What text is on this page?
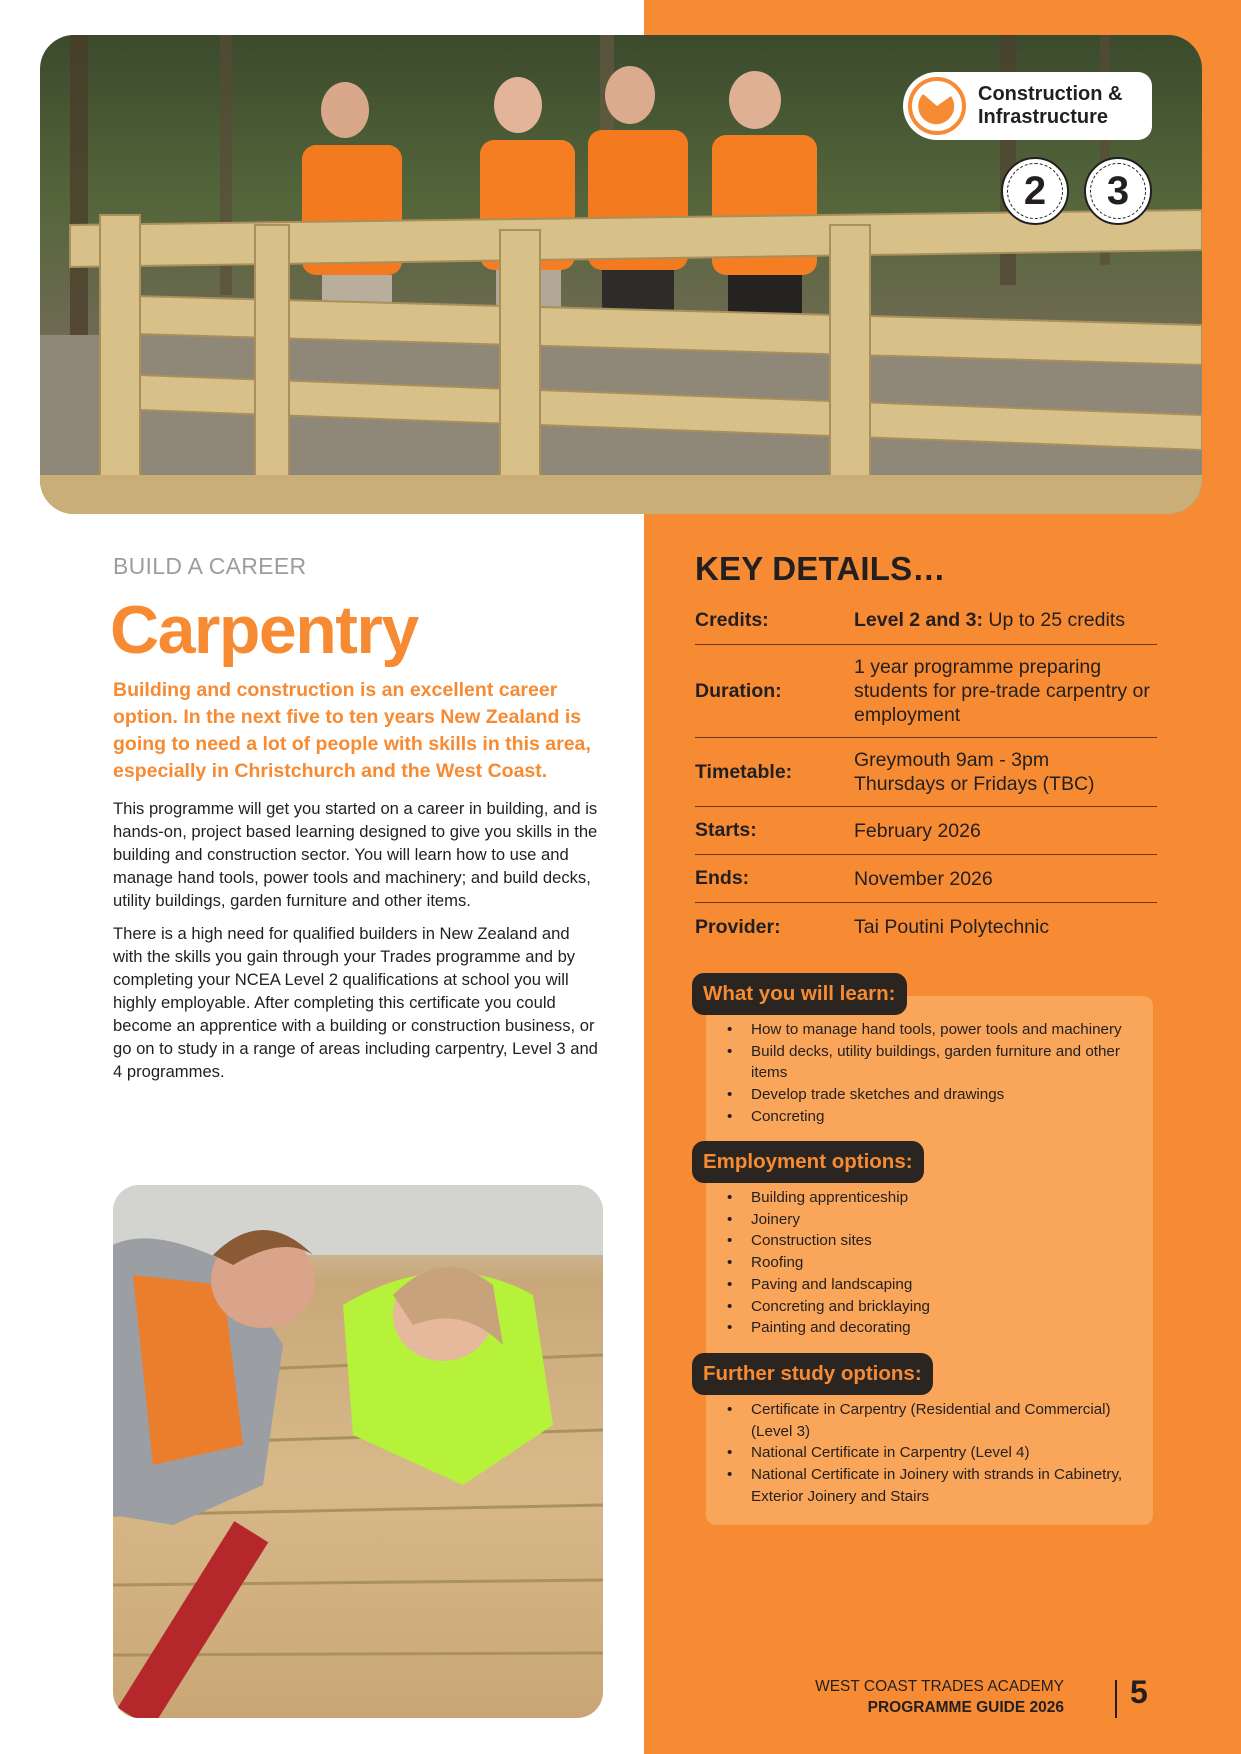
Construction &
Infrastructure
2 3
BUILD A CAREER
Carpentry
Building and construction is an excellent career option. In the next five to ten years New Zealand is going to need a lot of people with skills in this area, especially in Christchurch and the West Coast.
This programme will get you started on a career in building, and is hands-on, project based learning designed to give you skills in the building and construction sector. You will learn how to use and manage hand tools, power tools and machinery; and build decks, utility buildings, garden furniture and other items.
There is a high need for qualified builders in New Zealand and with the skills you gain through your Trades programme and by completing your NCEA Level 2 qualifications at school you will highly employable. After completing this certificate you could become an apprentice with a building or construction business, or go on to study in a range of areas including carpentry, Level 3 and 4 programmes.
KEY DETAILS…
Credits:	Level 2 and 3: Up to 25 credits
Duration:
1 year programme preparing students for pre-trade carpentry or employment
Timetable:
Greymouth 9am - 3pm Thursdays or Fridays (TBC)
Starts:	February 2026
Ends:	November 2026
Provider:	Tai Poutini Polytechnic
What you will learn:
• How to manage hand tools, power tools and machinery
• Build decks, utility buildings, garden furniture and other items
• Develop trade sketches and drawings
• Concreting
Employment options:
• Building apprenticeship
• Joinery
• Construction sites
• Roofing
• Paving and landscaping
• Concreting and bricklaying
• Painting and decorating
Further study options:
• Certificate in Carpentry (Residential and Commercial) (Level 3)
• National Certificate in Carpentry (Level 4)
• National Certificate in Joinery with strands in Cabinetry, Exterior Joinery and Stairs
WEST COAST TRADES ACADEMY
PROGRAMME GUIDE 2026 5
